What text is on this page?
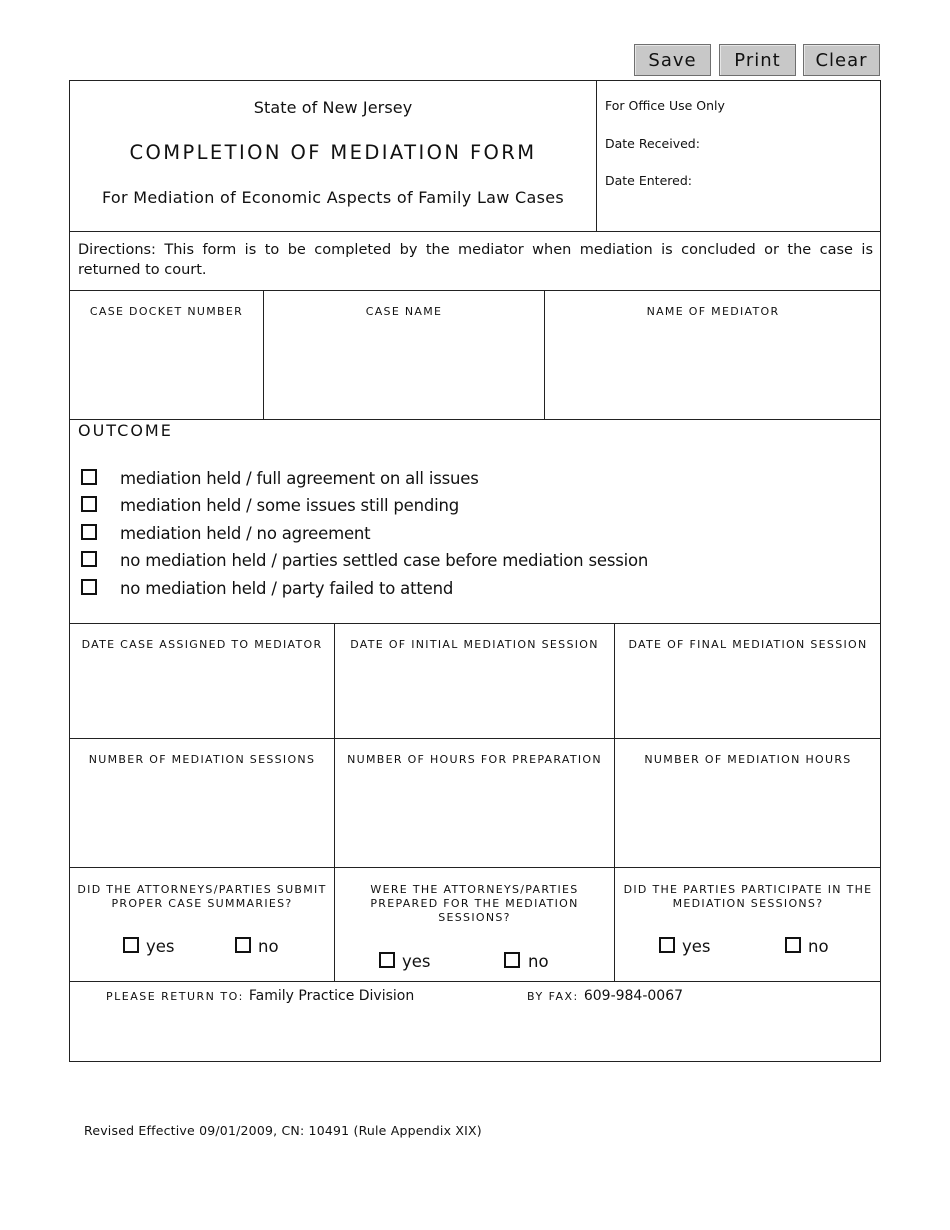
Save	Print	Clear
State of New Jersey
COMPLETION OF MEDIATION FORM
For Mediation of Economic Aspects of Family Law Cases
For Office Use Only
Date Received:
Date Entered:
Directions: This form is to be completed by the mediator when mediation is concluded or the case is returned to court.
CASE DOCKET NUMBER	CASE NAME	NAME OF MEDIATOR
OUTCOME
mediation held / full agreement on all issues
mediation held / some issues still pending
mediation held / no agreement
no mediation held / parties settled case before mediation session
no mediation held / party failed to attend
DATE CASE ASSIGNED TO MEDIATOR	DATE OF INITIAL MEDIATION SESSION	DATE OF FINAL MEDIATION SESSION
NUMBER OF MEDIATION SESSIONS	NUMBER OF HOURS FOR PREPARATION	NUMBER OF MEDIATION HOURS
DID THE ATTORNEYS/PARTIES SUBMIT
PROPER CASE SUMMARIES?
yes	no
WERE THE ATTORNEYS/PARTIES
PREPARED FOR THE MEDIATION
SESSIONS?
yes	no
DID THE PARTIES PARTICIPATE IN THE
MEDIATION SESSIONS?
yes	no
PLEASE RETURN TO: Family Practice Division	BY FAX: 609-984-0067
Revised Effective 09/01/2009, CN: 10491 (Rule Appendix XIX)
